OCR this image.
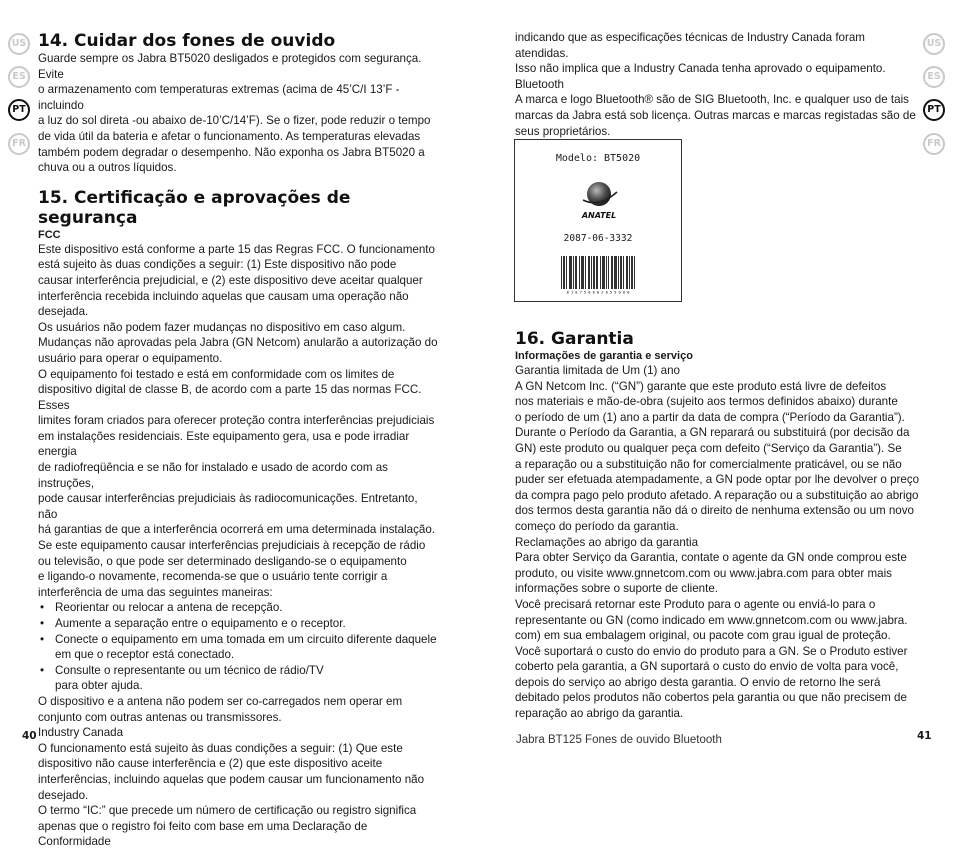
US
ES
PT
FR
US
ES
PT
FR
14. Cuidar dos fones de ouvido

Guarde sempre os Jabra BT5020 desligados e protegidos com segurança. Evite

o armazenamento com temperaturas extremas (acima de 45’C/I 13’F -incluindo

a luz do sol direta -ou abaixo de-10’C/14’F). Se o fizer, pode reduzir o tempo

de vida útil da bateria e afetar o funcionamento. As temperaturas elevadas

também podem degradar o desempenho. Não exponha os Jabra BT5020 a

chuva ou a outros líquidos.

15. Certificação e aprovações de segurança
FCC

Este dispositivo está conforme a parte 15 das Regras FCC. O funcionamento

está sujeito às duas condições a seguir: (1) Este dispositivo não pode

causar interferência prejudicial, e (2) este dispositivo deve aceitar qualquer

interferência recebida incluindo aquelas que causam uma operação não

desejada.

Os usuários não podem fazer mudanças no dispositivo em caso algum.

Mudanças não aprovadas pela Jabra (GN Netcom) anularão a autorização do

usuário para operar o equipamento.

O equipamento foi testado e está em conformidade com os limites de

dispositivo digital de classe B, de acordo com a parte 15 das normas FCC. Esses

limites foram criados para oferecer proteção contra interferências prejudiciais

em instalações residenciais. Este equipamento gera, usa e pode irradiar energia

de radiofreqüência e se não for instalado e usado de acordo com as instruções,

pode causar interferências prejudiciais às radiocomunicações. Entretanto, não

há garantias de que a interferência ocorrerá em uma determinada instalação.

Se este equipamento causar interferências prejudiciais à recepção de rádio

ou televisão, o que pode ser determinado desligando-se o equipamento

e ligando-o novamente, recomenda-se que o usuário tente corrigir a

interferência de uma das seguintes maneiras:

• Reorientar ou relocar a antena de recepção.
• Aumente a separação entre o equipamento e o receptor.
• Conecte o equipamento em uma tomada em um circuito diferente daquele
em que o receptor está conectado.
• Consulte o representante ou um técnico de rádio/TV
para obter ajuda.

O dispositivo e a antena não podem ser co-carregados nem operar em

conjunto com outras antenas ou transmissores.

Industry Canada

O funcionamento está sujeito às duas condições a seguir: (1) Que este

dispositivo não cause interferência e (2) que este dispositivo aceite

interferências, incluindo aquelas que podem causar um funcionamento não

desejado.

O termo “IC:” que precede um número de certificação ou registro significa

apenas que o registro foi feito com base em uma Declaração de Conformidade

indicando que as especificações técnicas de Industry Canada foram atendidas.

Isso não implica que a Industry Canada tenha aprovado o equipamento.

Bluetooth

A marca e logo Bluetooth® são de SIG Bluetooth, Inc. e qualquer uso de tais

marcas da Jabra está sob licença. Outras marcas e marcas registadas são de

seus proprietários.

Modelo: BT5020
ANATEL
2087-06-3332
8 1 0 7 5 0 0 0 2 0 5 5 0 0 0
16. Garantia
Informações de garantia e serviço

Garantia limitada de Um (1) ano

A GN Netcom Inc. (“GN”) garante que este produto está livre de defeitos

nos materiais e mão-de-obra (sujeito aos termos definidos abaixo) durante

o período de um (1) ano a partir da data de compra (“Período da Garantia”).

Durante o Período da Garantia, a GN reparará ou substituirá (por decisão da

GN) este produto ou qualquer peça com defeito (“Serviço da Garantia”). Se

a reparação ou a substituição não for comercialmente praticável, ou se não

puder ser efetuada atempadamente, a GN pode optar por lhe devolver o preço

da compra pago pelo produto afetado. A reparação ou a substituição ao abrigo

dos termos desta garantia não dá o direito de nenhuma extensão ou um novo

começo do período da garantia.

Reclamações ao abrigo da garantia

Para obter Serviço da Garantia, contate o agente da GN onde comprou este

produto, ou visite www.gnnetcom.com ou www.jabra.com para obter mais

informações sobre o suporte de cliente.

Você precisará retornar este Produto para o agente ou enviá-lo para o

representante ou GN (como indicado em www.gnnetcom.com ou www.jabra.

com) em sua embalagem original, ou pacote com grau igual de proteção.

Você suportará o custo do envio do produto para a GN. Se o Produto estiver

coberto pela garantia, a GN suportará o custo do envio de volta para você,

depois do serviço ao abrigo desta garantia. O envio de retorno lhe será

debitado pelos produtos não cobertos pela garantia ou que não precisem de

reparação ao abrigo da garantia.

40	41
Jabra BT125 Fones de ouvido Bluetooth
